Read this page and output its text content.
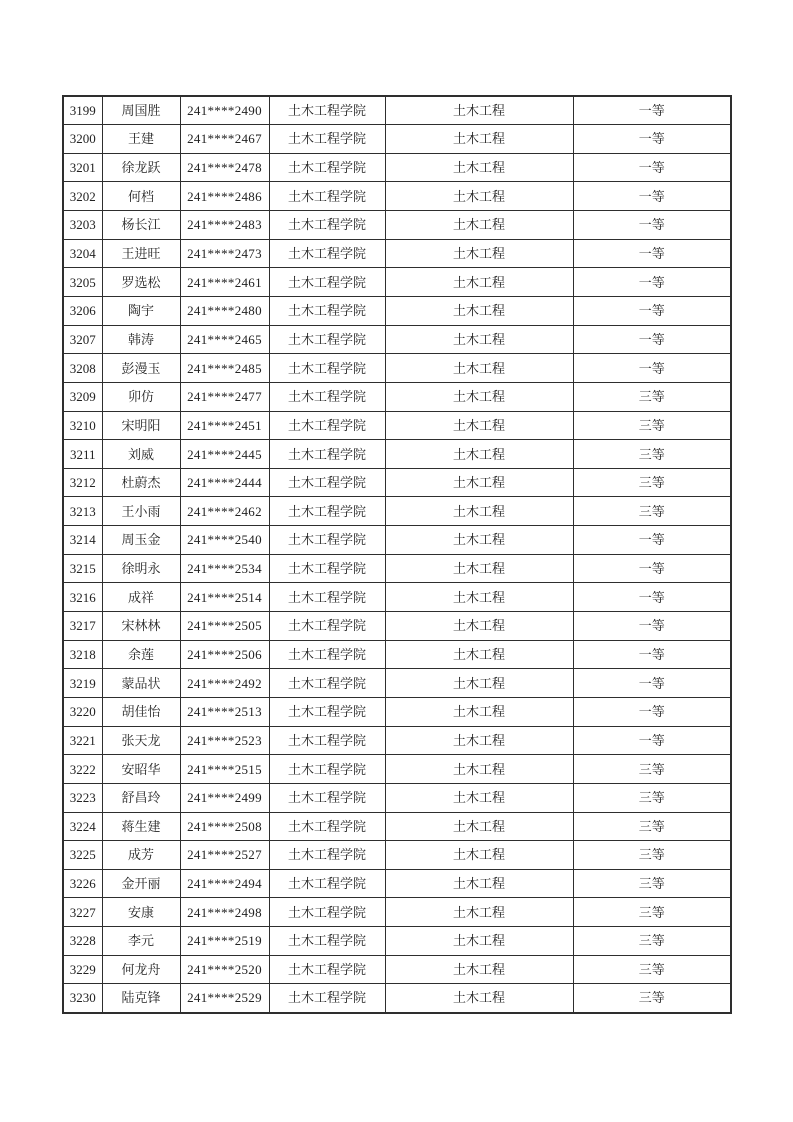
3199	周国胜	241****2490	土木工程学院	土木工程	一等
3200	王建	241****2467	土木工程学院	土木工程	一等
3201	徐龙跃	241****2478	土木工程学院	土木工程	一等
3202	何档	241****2486	土木工程学院	土木工程	一等
3203	杨长江	241****2483	土木工程学院	土木工程	一等
3204	王进旺	241****2473	土木工程学院	土木工程	一等
3205	罗选松	241****2461	土木工程学院	土木工程	一等
3206	陶宇	241****2480	土木工程学院	土木工程	一等
3207	韩涛	241****2465	土木工程学院	土木工程	一等
3208	彭漫玉	241****2485	土木工程学院	土木工程	一等
3209	卯仿	241****2477	土木工程学院	土木工程	三等
3210	宋明阳	241****2451	土木工程学院	土木工程	三等
3211	刘威	241****2445	土木工程学院	土木工程	三等
3212	杜蔚杰	241****2444	土木工程学院	土木工程	三等
3213	王小雨	241****2462	土木工程学院	土木工程	三等
3214	周玉金	241****2540	土木工程学院	土木工程	一等
3215	徐明永	241****2534	土木工程学院	土木工程	一等
3216	成祥	241****2514	土木工程学院	土木工程	一等
3217	宋林林	241****2505	土木工程学院	土木工程	一等
3218	余莲	241****2506	土木工程学院	土木工程	一等
3219	蒙品状	241****2492	土木工程学院	土木工程	一等
3220	胡佳怡	241****2513	土木工程学院	土木工程	一等
3221	张天龙	241****2523	土木工程学院	土木工程	一等
3222	安昭华	241****2515	土木工程学院	土木工程	三等
3223	舒昌玲	241****2499	土木工程学院	土木工程	三等
3224	蒋生建	241****2508	土木工程学院	土木工程	三等
3225	成芳	241****2527	土木工程学院	土木工程	三等
3226	金开丽	241****2494	土木工程学院	土木工程	三等
3227	安康	241****2498	土木工程学院	土木工程	三等
3228	李元	241****2519	土木工程学院	土木工程	三等
3229	何龙舟	241****2520	土木工程学院	土木工程	三等
3230	陆克锋	241****2529	土木工程学院	土木工程	三等
